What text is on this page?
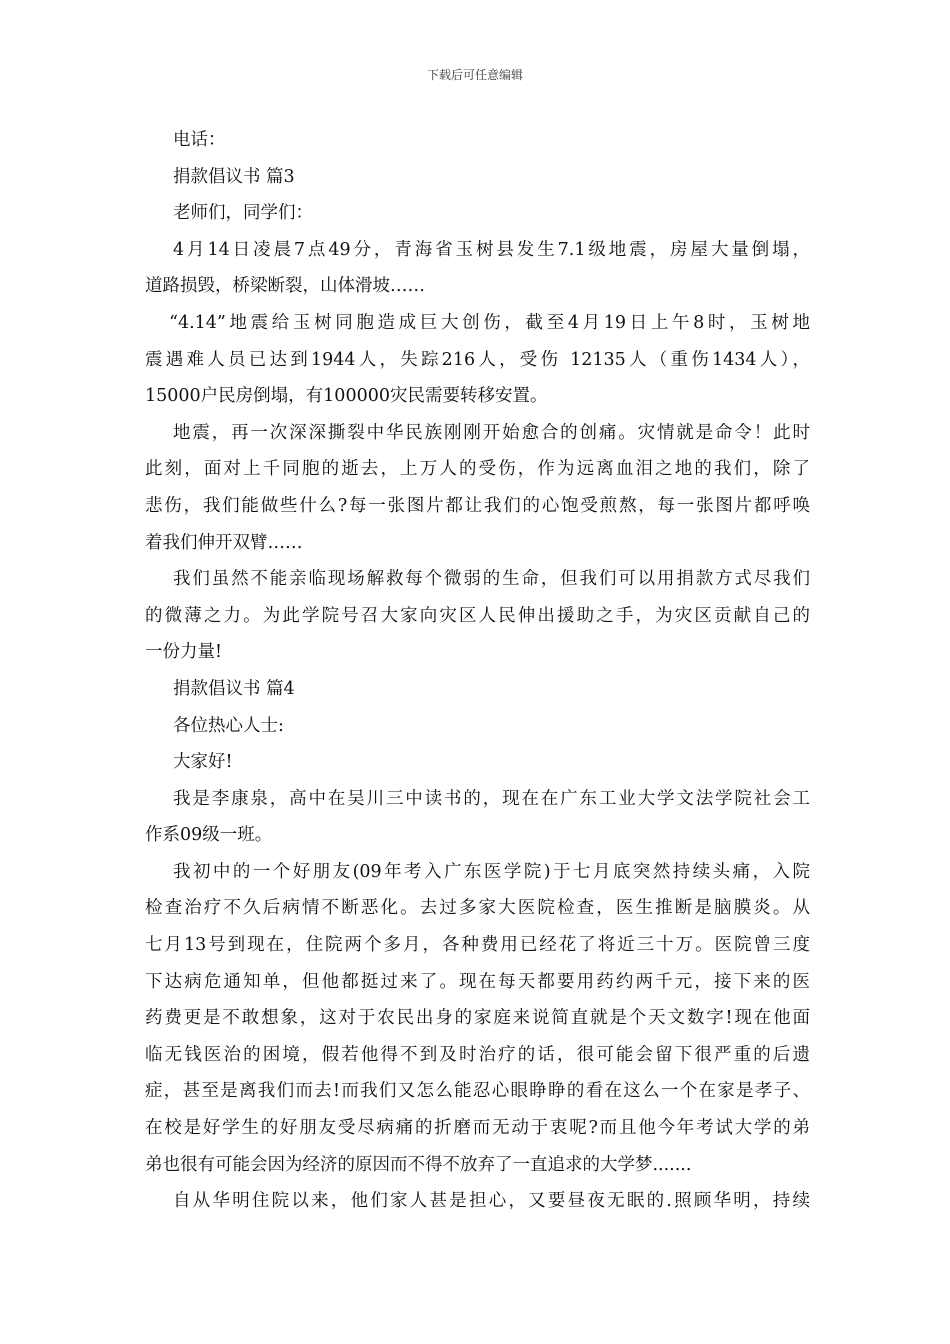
下载后可任意编辑
电话：
捐款倡议书 篇3
老师们，同学们：
4月14日凌晨7点49分，青海省玉树县发生7.1级地震，房屋大量倒塌，
道路损毁，桥梁断裂，山体滑坡……
“4.14”地震给玉树同胞造成巨大创伤，截至4月19日上午8时，玉树地
震遇难人员已达到1944人，失踪216人，受伤 12135人（重伤1434人），
15000户民房倒塌，有100000灾民需要转移安置。
地震，再一次深深撕裂中华民族刚刚开始愈合的创痛。灾情就是命令！此时
此刻，面对上千同胞的逝去，上万人的受伤，作为远离血泪之地的我们，除了
悲伤，我们能做些什么?每一张图片都让我们的心饱受煎熬，每一张图片都呼唤
着我们伸开双臂……
我们虽然不能亲临现场解救每个微弱的生命，但我们可以用捐款方式尽我们
的微薄之力。为此学院号召大家向灾区人民伸出援助之手，为灾区贡献自己的
一份力量!
捐款倡议书 篇4
各位热心人士:
大家好!
我是李康泉，高中在吴川三中读书的，现在在广东工业大学文法学院社会工
作系09级一班。
我初中的一个好朋友(09年考入广东医学院)于七月底突然持续头痛，入院
检查治疗不久后病情不断恶化。去过多家大医院检查，医生推断是脑膜炎。从
七月13号到现在，住院两个多月，各种费用已经花了将近三十万。医院曾三度
下达病危通知单，但他都挺过来了。现在每天都要用药约两千元，接下来的医
药费更是不敢想象，这对于农民出身的家庭来说简直就是个天文数字!现在他面
临无钱医治的困境，假若他得不到及时治疗的话，很可能会留下很严重的后遗
症，甚至是离我们而去!而我们又怎么能忍心眼睁睁的看在这么一个在家是孝子、
在校是好学生的好朋友受尽病痛的折磨而无动于衷呢?而且他今年考试大学的弟
弟也很有可能会因为经济的原因而不得不放弃了一直追求的大学梦.......
自从华明住院以来，他们家人甚是担心，又要昼夜无眠的.照顾华明，持续
